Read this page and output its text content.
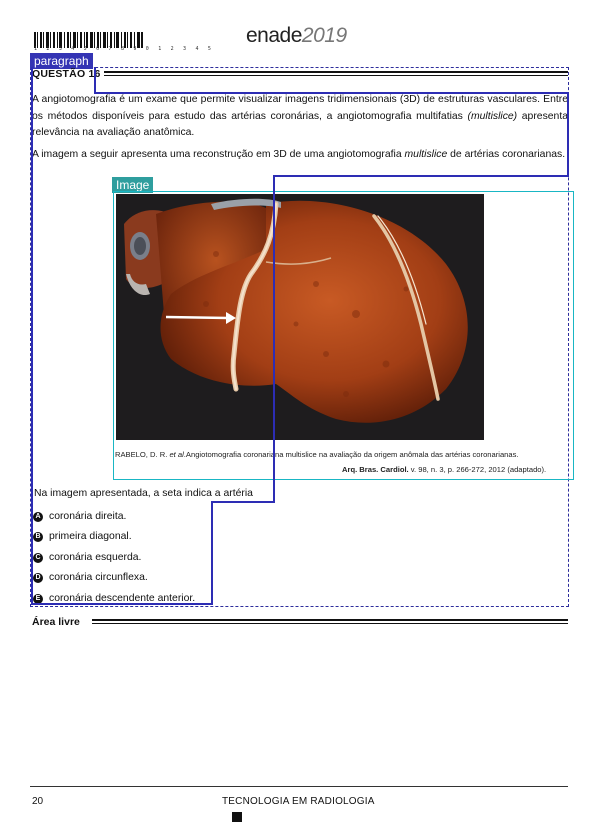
1 2 3 4 5 6 7 8 9 0 1 2 3 4 5
enade2019
paragraph
QUESTÃO 16
A angiotomografia é um exame que permite visualizar imagens tridimensionais (3D) de estruturas vasculares. Entre os métodos disponíveis para estudo das artérias coronárias, a angiotomografia multifatias (multislice) apresenta relevância na avaliação anatômica.
A imagem a seguir apresenta uma reconstrução em 3D de uma angiotomografia multislice de artérias coronarianas.
Image
RABELO, D. R. et al.Angiotomografia coronariana multislice na avaliação da origem anômala das artérias coronarianas.
Arq. Bras. Cardiol. v. 98, n. 3, p. 266-272, 2012 (adaptado).
Na imagem apresentada, a seta indica a artéria
A coronária direita.
B primeira diagonal.
C coronária esquerda.
D coronária circunflexa.
E coronária descendente anterior.
Área livre
20	TECNOLOGIA EM RADIOLOGIA
